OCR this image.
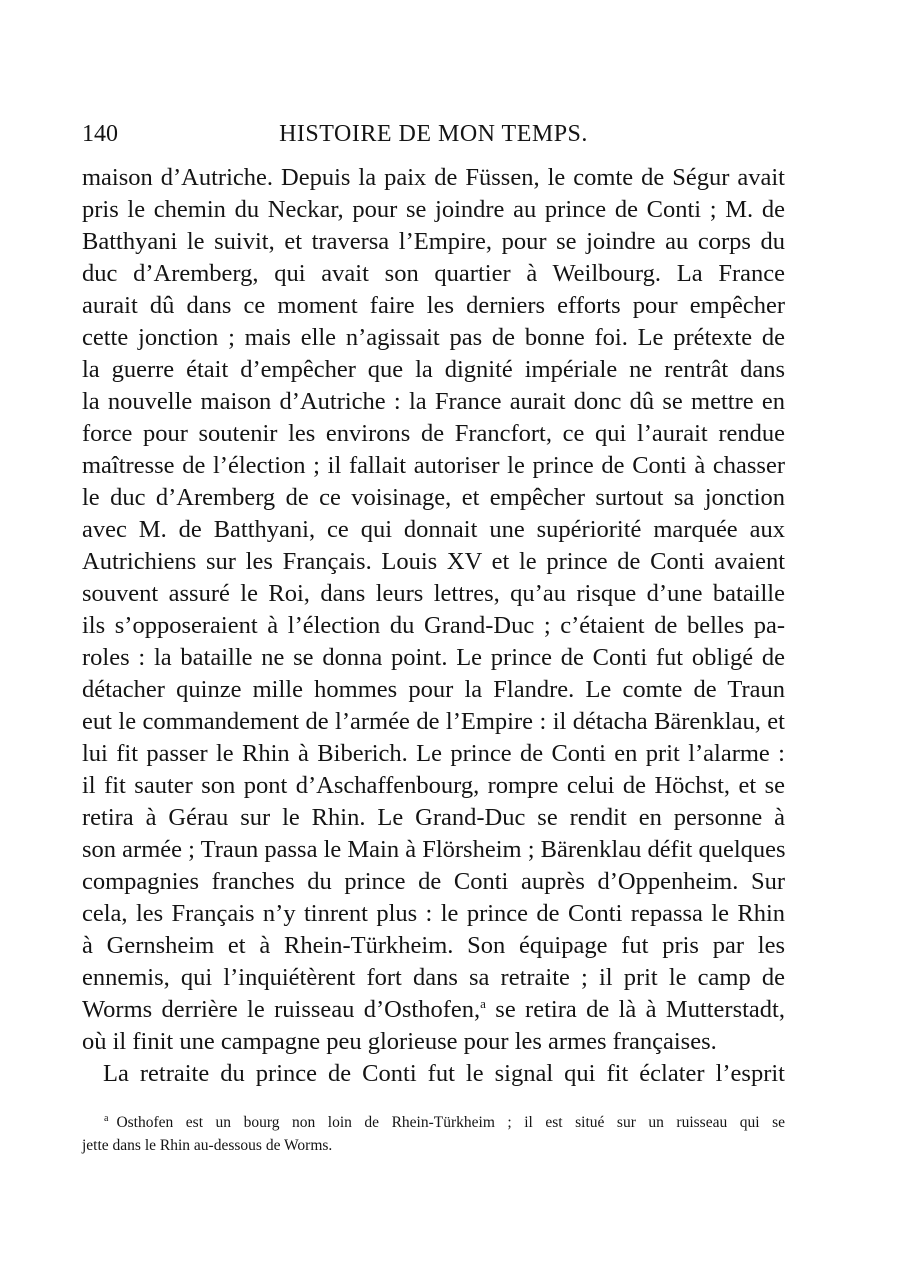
140	HISTOIRE DE MON TEMPS.
maison d’Autriche. Depuis la paix de Füssen, le comte de Ségur avait
pris le chemin du Neckar, pour se joindre au prince de Conti ; M. de
Batthyani le suivit, et traversa l’Empire, pour se joindre au corps du
duc d’Aremberg, qui avait son quartier à Weilbourg. La France
aurait dû dans ce moment faire les derniers efforts pour empêcher
cette jonction ; mais elle n’agissait pas de bonne foi. Le prétexte de
la guerre était d’empêcher que la dignité impériale ne rentrât dans
la nouvelle maison d’Autriche : la France aurait donc dû se mettre en
force pour soutenir les environs de Francfort, ce qui l’aurait rendue
maîtresse de l’élection ; il fallait autoriser le prince de Conti à chasser
le duc d’Aremberg de ce voisinage, et empêcher surtout sa jonction
avec M. de Batthyani, ce qui donnait une supériorité marquée aux
Autrichiens sur les Français. Louis XV et le prince de Conti avaient
souvent assuré le Roi, dans leurs lettres, qu’au risque d’une bataille
ils s’opposeraient à l’élection du Grand-Duc ; c’étaient de belles pa-
roles : la bataille ne se donna point. Le prince de Conti fut obligé de
détacher quinze mille hommes pour la Flandre. Le comte de Traun
eut le commandement de l’armée de l’Empire : il détacha Bärenklau, et
lui fit passer le Rhin à Biberich. Le prince de Conti en prit l’alarme :
il fit sauter son pont d’Aschaffenbourg, rompre celui de Höchst, et se
retira à Gérau sur le Rhin. Le Grand-Duc se rendit en personne à
son armée ; Traun passa le Main à Flörsheim ; Bärenklau défit quelques
compagnies franches du prince de Conti auprès d’Oppenheim. Sur
cela, les Français n’y tinrent plus : le prince de Conti repassa le Rhin
à Gernsheim et à Rhein-Türkheim. Son équipage fut pris par les
ennemis, qui l’inquiétèrent fort dans sa retraite ; il prit le camp de
Worms derrière le ruisseau d’Osthofen,$^a$ se retira de là à Mutterstadt,
où il finit une campagne peu glorieuse pour les armes françaises.
La retraite du prince de Conti fut le signal qui fit éclater l’esprit
$^a$ Osthofen est un bourg non loin de Rhein-Türkheim ; il est situé sur un ruisseau qui se
jette dans le Rhin au-dessous de Worms.
